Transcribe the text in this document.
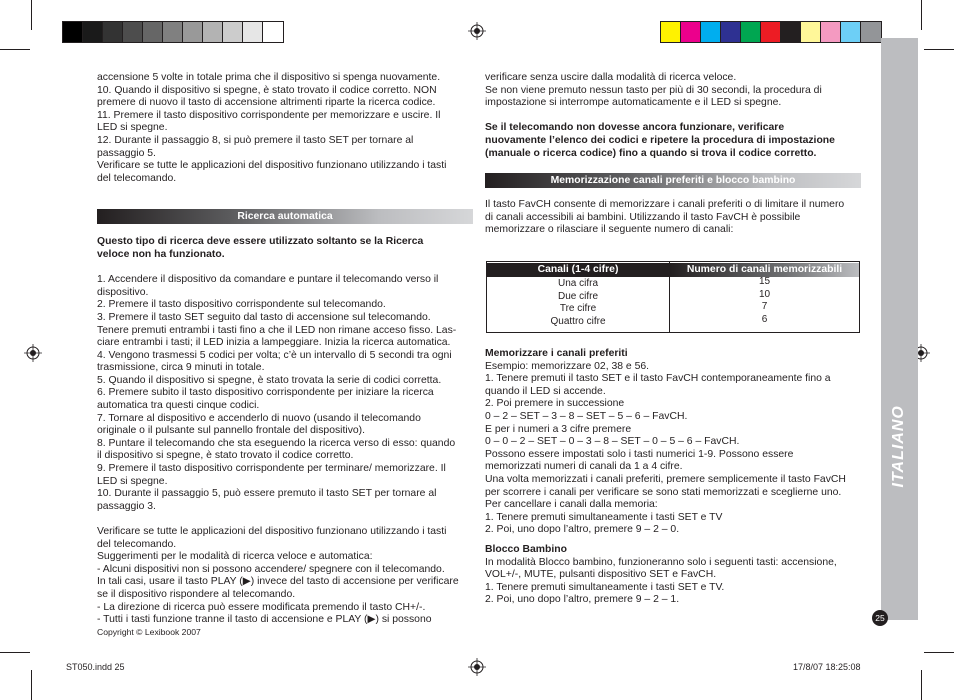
ITALIANO
25

accensione 5 volte in totale prima che il dispositivo si spenga nuovamente.

10. Quando il dispositivo si spegne, è stato trovato il codice corretto. NON

premere di nuovo il tasto di accensione altrimenti riparte la ricerca codice.

11. Premere il tasto dispositivo corrispondente per memorizzare e uscire. Il

LED si spegne.

12. Durante il passaggio 8, si può premere il tasto SET per tornare al

passaggio 5.

Verificare se tutte le applicazioni del dispositivo funzionano utilizzando i tasti

del telecomando.

Ricerca automatica

Questo tipo di ricerca deve essere utilizzato soltanto se la Ricerca

veloce non ha funzionato.

1. Accendere il dispositivo da comandare e puntare il telecomando verso il

dispositivo.

2. Premere il tasto dispositivo corrispondente sul telecomando.

3. Premere il tasto SET seguito dal tasto di accensione sul telecomando.

Tenere premuti entrambi i tasti fino a che il LED non rimane acceso fisso. Las-

ciare entrambi i tasti; il LED inizia a lampeggiare. Inizia la ricerca automatica.

4. Vengono trasmessi 5 codici per volta; c’è un intervallo di 5 secondi tra ogni

trasmissione, circa 9 minuti in totale.

5. Quando il dispositivo si spegne, è stato trovata la serie di codici corretta.

6. Premere subito il tasto dispositivo corrispondente per iniziare la ricerca

automatica tra questi cinque codici.

7. Tornare al dispositivo e accenderlo di nuovo (usando il telecomando

originale o il pulsante sul pannello frontale del dispositivo).

8. Puntare il telecomando che sta eseguendo la ricerca verso di esso: quando

il dispositivo si spegne, è stato trovato il codice corretto.

9. Premere il tasto dispositivo corrispondente per terminare/ memorizzare. Il

LED si spegne.

10. Durante il passaggio 5, può essere premuto il tasto SET per tornare al

passaggio 3.

Verificare se tutte le applicazioni del dispositivo funzionano utilizzando i tasti

del telecomando.

Suggerimenti per le modalità di ricerca veloce e automatica:

- Alcuni dispositivi non si possono accendere/ spegnere con il telecomando.

In tali casi, usare il tasto PLAY (▶) invece del tasto di accensione per verificare

se il dispositivo rispondere al telecomando.

- La direzione di ricerca può essere modificata premendo il tasto CH+/-.

- Tutti i tasti funzione tranne il tasto di accensione e PLAY (▶) si possono

Copyright © Lexibook 2007

verificare senza uscire dalla modalità di ricerca veloce.

Se non viene premuto nessun tasto per più di 30 secondi, la procedura di

impostazione si interrompe automaticamente e il LED si spegne.

Se il telecomando non dovesse ancora funzionare, verificare

nuovamente l’elenco dei codici e ripetere la procedura di impostazione

(manuale o ricerca codice) fino a quando si trova il codice corretto.

Memorizzazione canali preferiti e blocco bambino

Il tasto FavCH consente di memorizzare i canali preferiti o di limitare il numero

di canali accessibili ai bambini. Utilizzando il tasto FavCH è possibile

memorizzare o rilasciare il seguente numero di canali:

Canali (1-4 cifre)
Una cifra
Due cifre
Tre cifre
Quattro cifre
Numero di canali memorizzabili
15
10
7
6

Memorizzare i canali preferiti

Esempio: memorizzare 02, 38 e 56.

1. Tenere premuti il tasto SET e il tasto FavCH contemporaneamente fino a

quando il LED si accende.

2. Poi premere in successione

0 – 2 – SET – 3 – 8 – SET – 5 – 6 – FavCH.

E per i numeri a 3 cifre premere

0 – 0 – 2 – SET – 0 – 3 – 8 – SET – 0 – 5 – 6 – FavCH.

Possono essere impostati solo i tasti numerici 1-9. Possono essere

memorizzati numeri di canali da 1 a 4 cifre.

Una volta memorizzati i canali preferiti, premere semplicemente il tasto FavCH

per scorrere i canali per verificare se sono stati memorizzati e sceglierne uno.

Per cancellare i canali dalla memoria:

1. Tenere premuti simultaneamente i tasti SET e TV

2. Poi, uno dopo l’altro, premere 9 – 2 – 0.

Blocco Bambino

In modalità Blocco bambino, funzioneranno solo i seguenti tasti: accensione,

VOL+/-, MUTE, pulsanti dispositivo SET e FavCH.

1. Tenere premuti simultaneamente i tasti SET e TV.

2. Poi, uno dopo l’altro, premere 9 – 2 – 1.

ST050.indd 25	17/8/07 18:25:08
